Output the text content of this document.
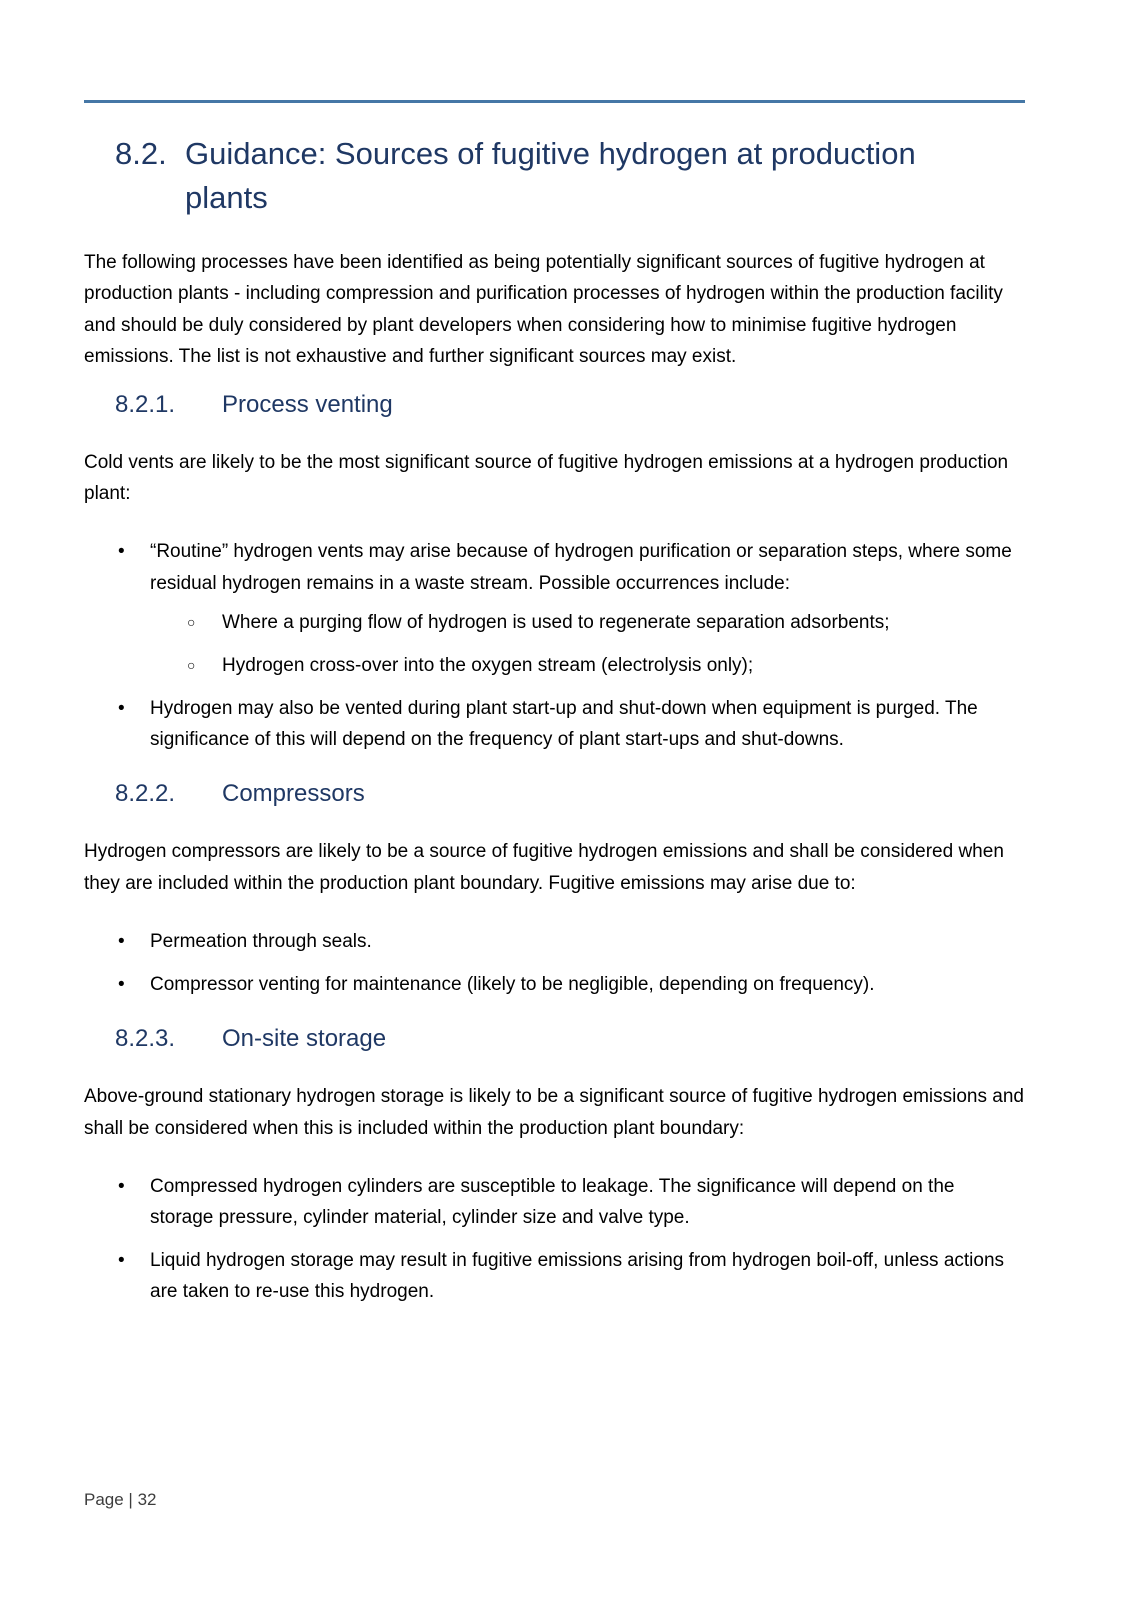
8.2. Guidance: Sources of fugitive hydrogen at production plants

The following processes have been identified as being potentially significant sources of fugitive hydrogen at production plants - including compression and purification processes of hydrogen within the production facility and should be duly considered by plant developers when considering how to minimise fugitive hydrogen emissions. The list is not exhaustive and further significant sources may exist.

8.2.1.	Process venting

Cold vents are likely to be the most significant source of fugitive hydrogen emissions at a hydrogen production plant:

• “Routine” hydrogen vents may arise because of hydrogen purification or separation steps, where some residual hydrogen remains in a waste stream. Possible occurrences include:
○ Where a purging flow of hydrogen is used to regenerate separation adsorbents;
○ Hydrogen cross-over into the oxygen stream (electrolysis only);
• Hydrogen may also be vented during plant start-up and shut-down when equipment is purged. The significance of this will depend on the frequency of plant start-ups and shut-downs.
8.2.2.	Compressors

Hydrogen compressors are likely to be a source of fugitive hydrogen emissions and shall be considered when they are included within the production plant boundary. Fugitive emissions may arise due to:

• Permeation through seals.
• Compressor venting for maintenance (likely to be negligible, depending on frequency).
8.2.3.	On-site storage

Above-ground stationary hydrogen storage is likely to be a significant source of fugitive hydrogen emissions and shall be considered when this is included within the production plant boundary:

• Compressed hydrogen cylinders are susceptible to leakage. The significance will depend on the storage pressure, cylinder material, cylinder size and valve type.
• Liquid hydrogen storage may result in fugitive emissions arising from hydrogen boil-off, unless actions are taken to re-use this hydrogen.
Page | 32
